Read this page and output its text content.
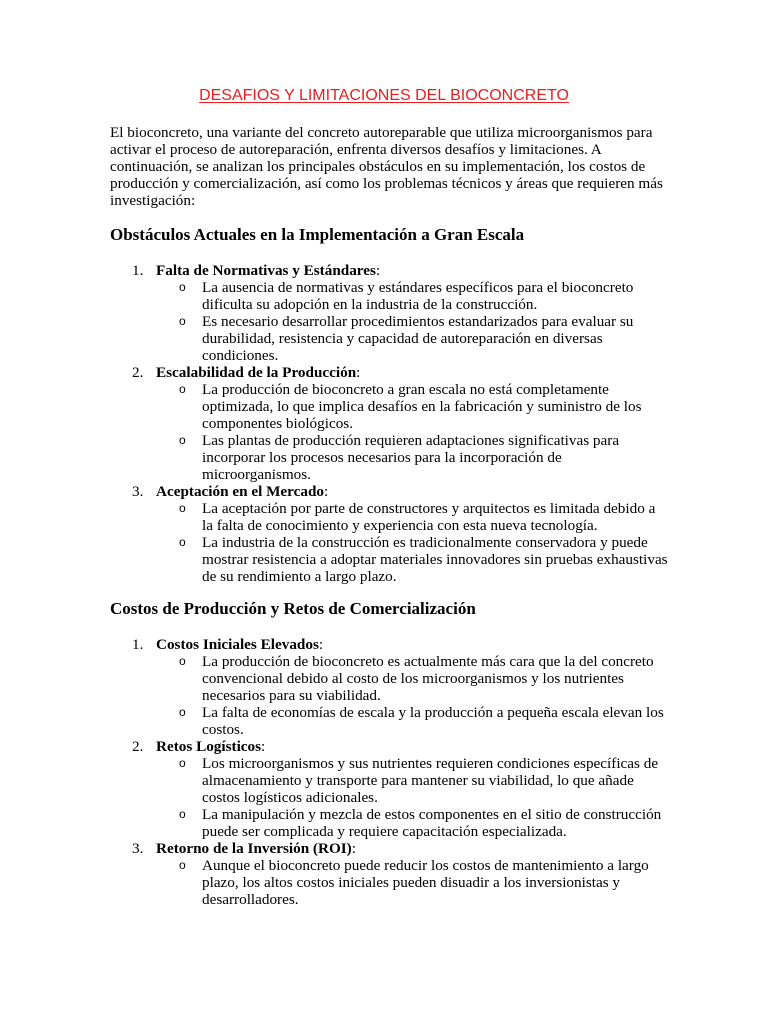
DESAFIOS Y LIMITACIONES DEL BIOCONCRETO

El bioconcreto, una variante del concreto autoreparable que utiliza microorganismos para activar el proceso de autoreparación, enfrenta diversos desafíos y limitaciones. A continuación, se analizan los principales obstáculos en su implementación, los costos de producción y comercialización, así como los problemas técnicos y áreas que requieren más investigación:

Obstáculos Actuales en la Implementación a Gran Escala
1. Falta de Normativas y Estándares:
o La ausencia de normativas y estándares específicos para el bioconcreto dificulta su adopción en la industria de la construcción.
o Es necesario desarrollar procedimientos estandarizados para evaluar su durabilidad, resistencia y capacidad de autoreparación en diversas condiciones.
2. Escalabilidad de la Producción:
o La producción de bioconcreto a gran escala no está completamente optimizada, lo que implica desafíos en la fabricación y suministro de los componentes biológicos.
o Las plantas de producción requieren adaptaciones significativas para incorporar los procesos necesarios para la incorporación de microorganismos.
3. Aceptación en el Mercado:
o La aceptación por parte de constructores y arquitectos es limitada debido a la falta de conocimiento y experiencia con esta nueva tecnología.
o La industria de la construcción es tradicionalmente conservadora y puede mostrar resistencia a adoptar materiales innovadores sin pruebas exhaustivas de su rendimiento a largo plazo.
Costos de Producción y Retos de Comercialización
1. Costos Iniciales Elevados:
o La producción de bioconcreto es actualmente más cara que la del concreto convencional debido al costo de los microorganismos y los nutrientes necesarios para su viabilidad.
o La falta de economías de escala y la producción a pequeña escala elevan los costos.
2. Retos Logísticos:
o Los microorganismos y sus nutrientes requieren condiciones específicas de almacenamiento y transporte para mantener su viabilidad, lo que añade costos logísticos adicionales.
o La manipulación y mezcla de estos componentes en el sitio de construcción puede ser complicada y requiere capacitación especializada.
3. Retorno de la Inversión (ROI):
o Aunque el bioconcreto puede reducir los costos de mantenimiento a largo plazo, los altos costos iniciales pueden disuadir a los inversionistas y desarrolladores.
